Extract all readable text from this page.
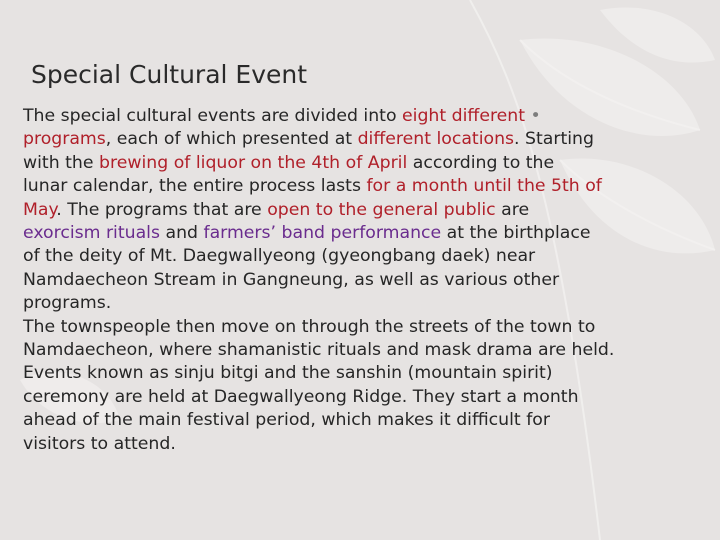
Special Cultural Event

The special cultural events are divided into eight different •
programs, each of which presented at different locations. Starting
with the brewing of liquor on the 4th of April according to the
lunar calendar, the entire process lasts for a month until the 5th of
May. The programs that are open to the general public are
exorcism rituals and farmers’ band performance at the birthplace
of the deity of Mt. Daegwallyeong (gyeongbang daek) near
Namdaecheon Stream in Gangneung, as well as various other
programs.
The townspeople then move on through the streets of the town to
Namdaecheon, where shamanistic rituals and mask drama are held.
Events known as sinju bitgi and the sanshin (mountain spirit)
ceremony are held at Daegwallyeong Ridge. They start a month
ahead of the main festival period, which makes it difficult for
visitors to attend.
